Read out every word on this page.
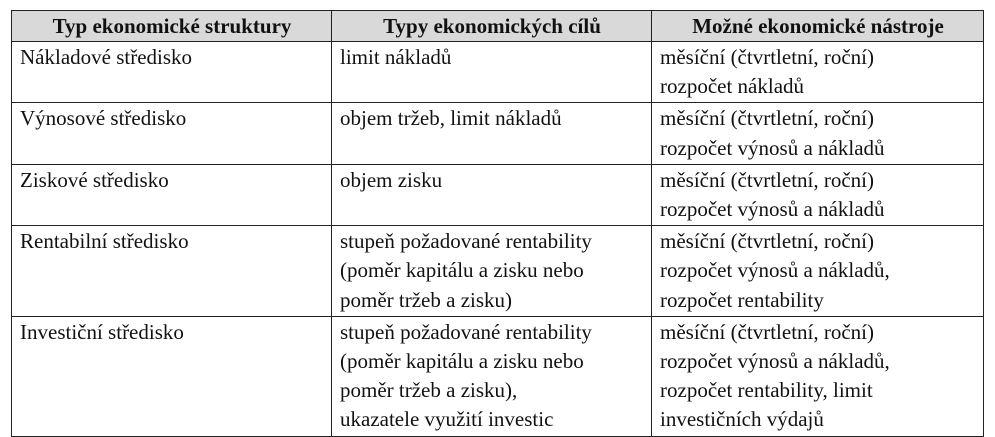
Typ ekonomické struktury	Typy ekonomických cílů	Možné ekonomické nástroje

Nákladové středisko	limit nákladů	měsíční (čtvrtletní, roční)
rozpočet nákladů

Výnosové středisko	objem tržeb, limit nákladů	měsíční (čtvrtletní, roční)
rozpočet výnosů a nákladů

Ziskové středisko	objem zisku	měsíční (čtvrtletní, roční)
rozpočet výnosů a nákladů

Rentabilní středisko	stupeň požadované rentability
(poměr kapitálu a zisku nebo
poměr tržeb a zisku)	měsíční (čtvrtletní, roční)
rozpočet výnosů a nákladů,
rozpočet rentability

Investiční středisko	stupeň požadované rentability
(poměr kapitálu a zisku nebo
poměr tržeb a zisku),
ukazatele využití investic	měsíční (čtvrtletní, roční)
rozpočet výnosů a nákladů,
rozpočet rentability, limit
investičních výdajů
